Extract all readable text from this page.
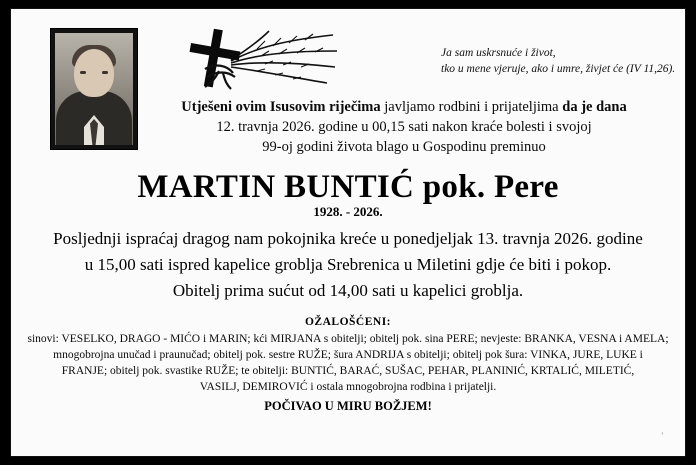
Ja sam uskrsnuće i život,
tko u mene vjeruje, ako i umre, živjet će (IV 11,26).
Utješeni ovim Isusovim riječima javljamo rodbini i prijateljima da je dana
12. travnja 2026. godine u 00,15 sati nakon kraće bolesti i svojoj
99-oj godini života blago u Gospodinu preminuo
MARTIN BUNTIĆ pok. Pere
1928. - 2026.
Posljednji ispraćaj dragog nam pokojnika kreće u ponedjeljak 13. travnja 2026. godine
u 15,00 sati ispred kapelice groblja Srebrenica u Miletini gdje će biti i pokop.
Obitelj prima sućut od 14,00 sati u kapelici groblja.
OŽALOŠĆENI:
sinovi: VESELKO, DRAGO - MIĆO i MARIN; kći MIRJANA s obitelji; obitelj pok. sina PERE; nevjeste: BRANKA, VESNA i AMELA;
mnogobrojna unučad i praunučad; obitelj pok. sestre RUŽE; šura ANDRIJA s obitelji; obitelj pok šura: VINKA, JURE, LUKE i
FRANJE; obitelj pok. svastike RUŽE; te obitelji: BUNTIĆ, BARAĆ, SUŠAC, PEHAR, PLANINIĆ, KRTALIĆ, MILETIĆ,
VASILJ, DEMIROVIĆ i ostala mnogobrojna rodbina i prijatelji.
POČIVAO U MIRU BOŽJEM!
'
